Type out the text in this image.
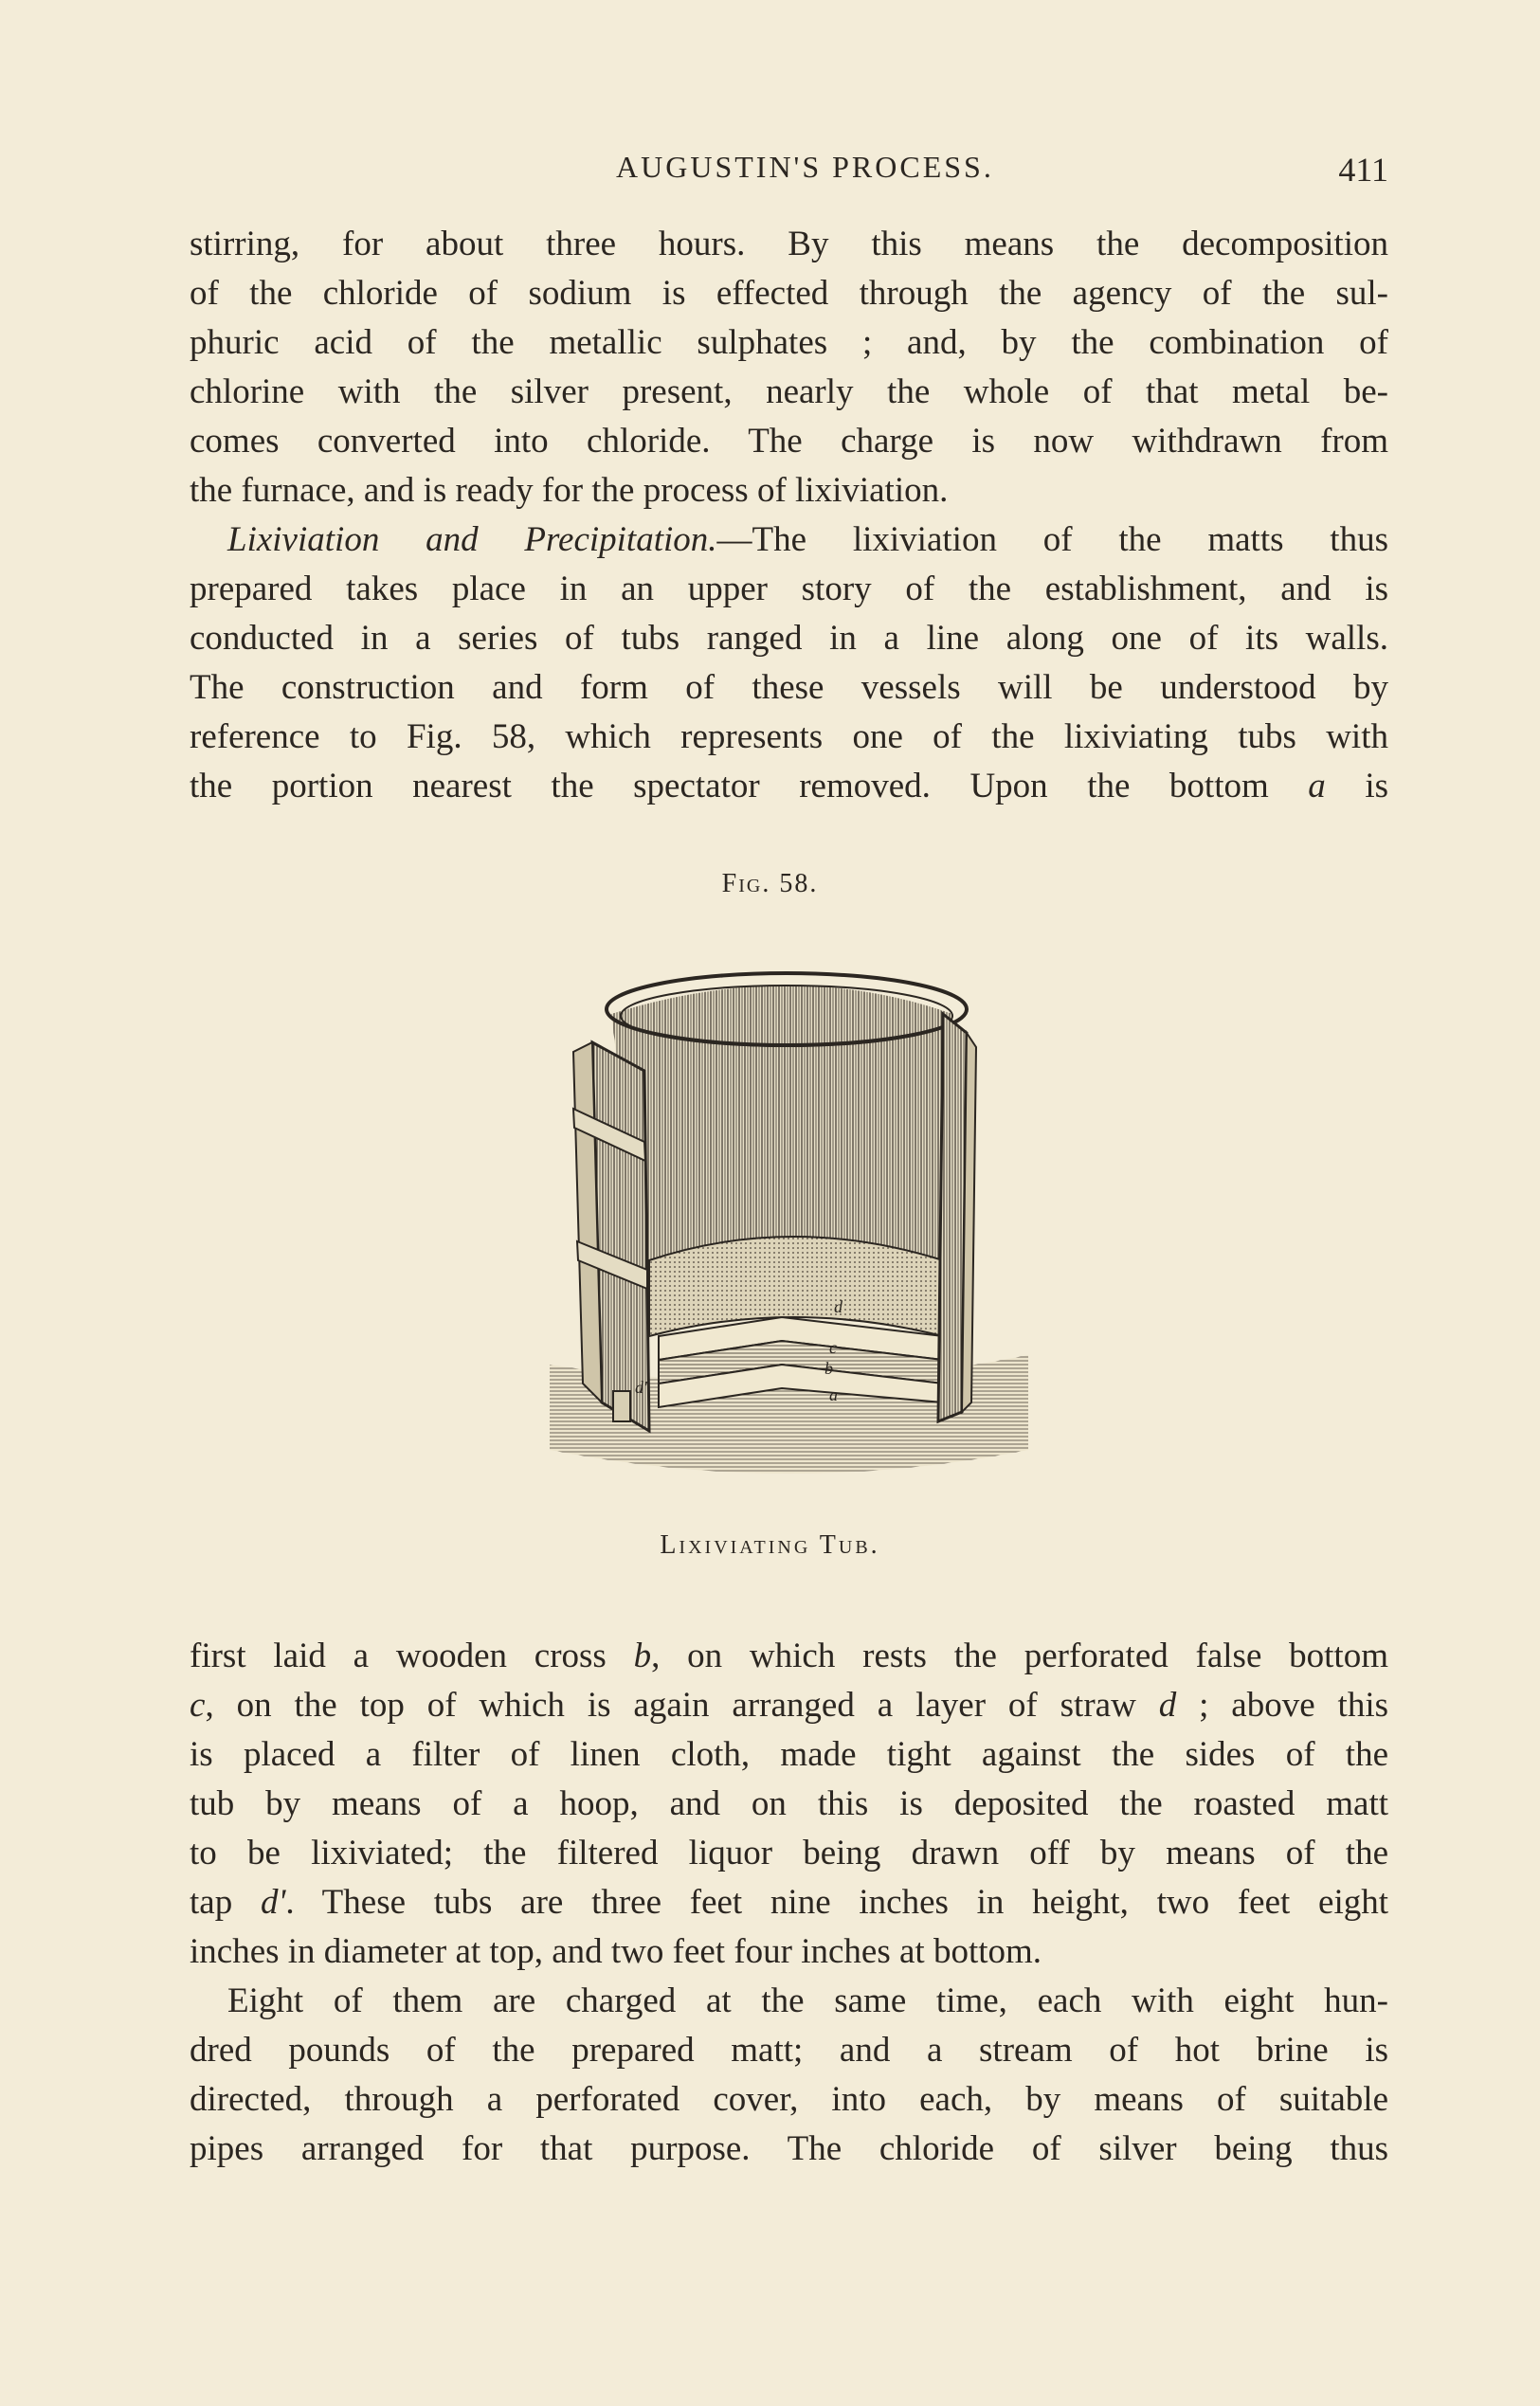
AUGUSTIN'S PROCESS.	411
stirring, for about three hours. By this means the decomposition
of the chloride of sodium is effected through the agency of the sul-
phuric acid of the metallic sulphates ; and, by the combination of
chlorine with the silver present, nearly the whole of that metal be-
comes converted into chloride. The charge is now withdrawn from
the furnace, and is ready for the process of lixiviation.
Lixiviation and Precipitation.—The lixiviation of the matts thus
prepared takes place in an upper story of the establishment, and is
conducted in a series of tubs ranged in a line along one of its walls.
The construction and form of these vessels will be understood by
reference to Fig. 58, which represents one of the lixiviating tubs with
the portion nearest the spectator removed. Upon the bottom a is
Fig. 58.
d
c
b
a
d'
Lixiviating Tub.
first laid a wooden cross b, on which rests the perforated false bottom
c, on the top of which is again arranged a layer of straw d ; above this
is placed a filter of linen cloth, made tight against the sides of the
tub by means of a hoop, and on this is deposited the roasted matt
to be lixiviated; the filtered liquor being drawn off by means of the
tap d'. These tubs are three feet nine inches in height, two feet eight
inches in diameter at top, and two feet four inches at bottom.
Eight of them are charged at the same time, each with eight hun-
dred pounds of the prepared matt; and a stream of hot brine is
directed, through a perforated cover, into each, by means of suitable
pipes arranged for that purpose. The chloride of silver being thus
